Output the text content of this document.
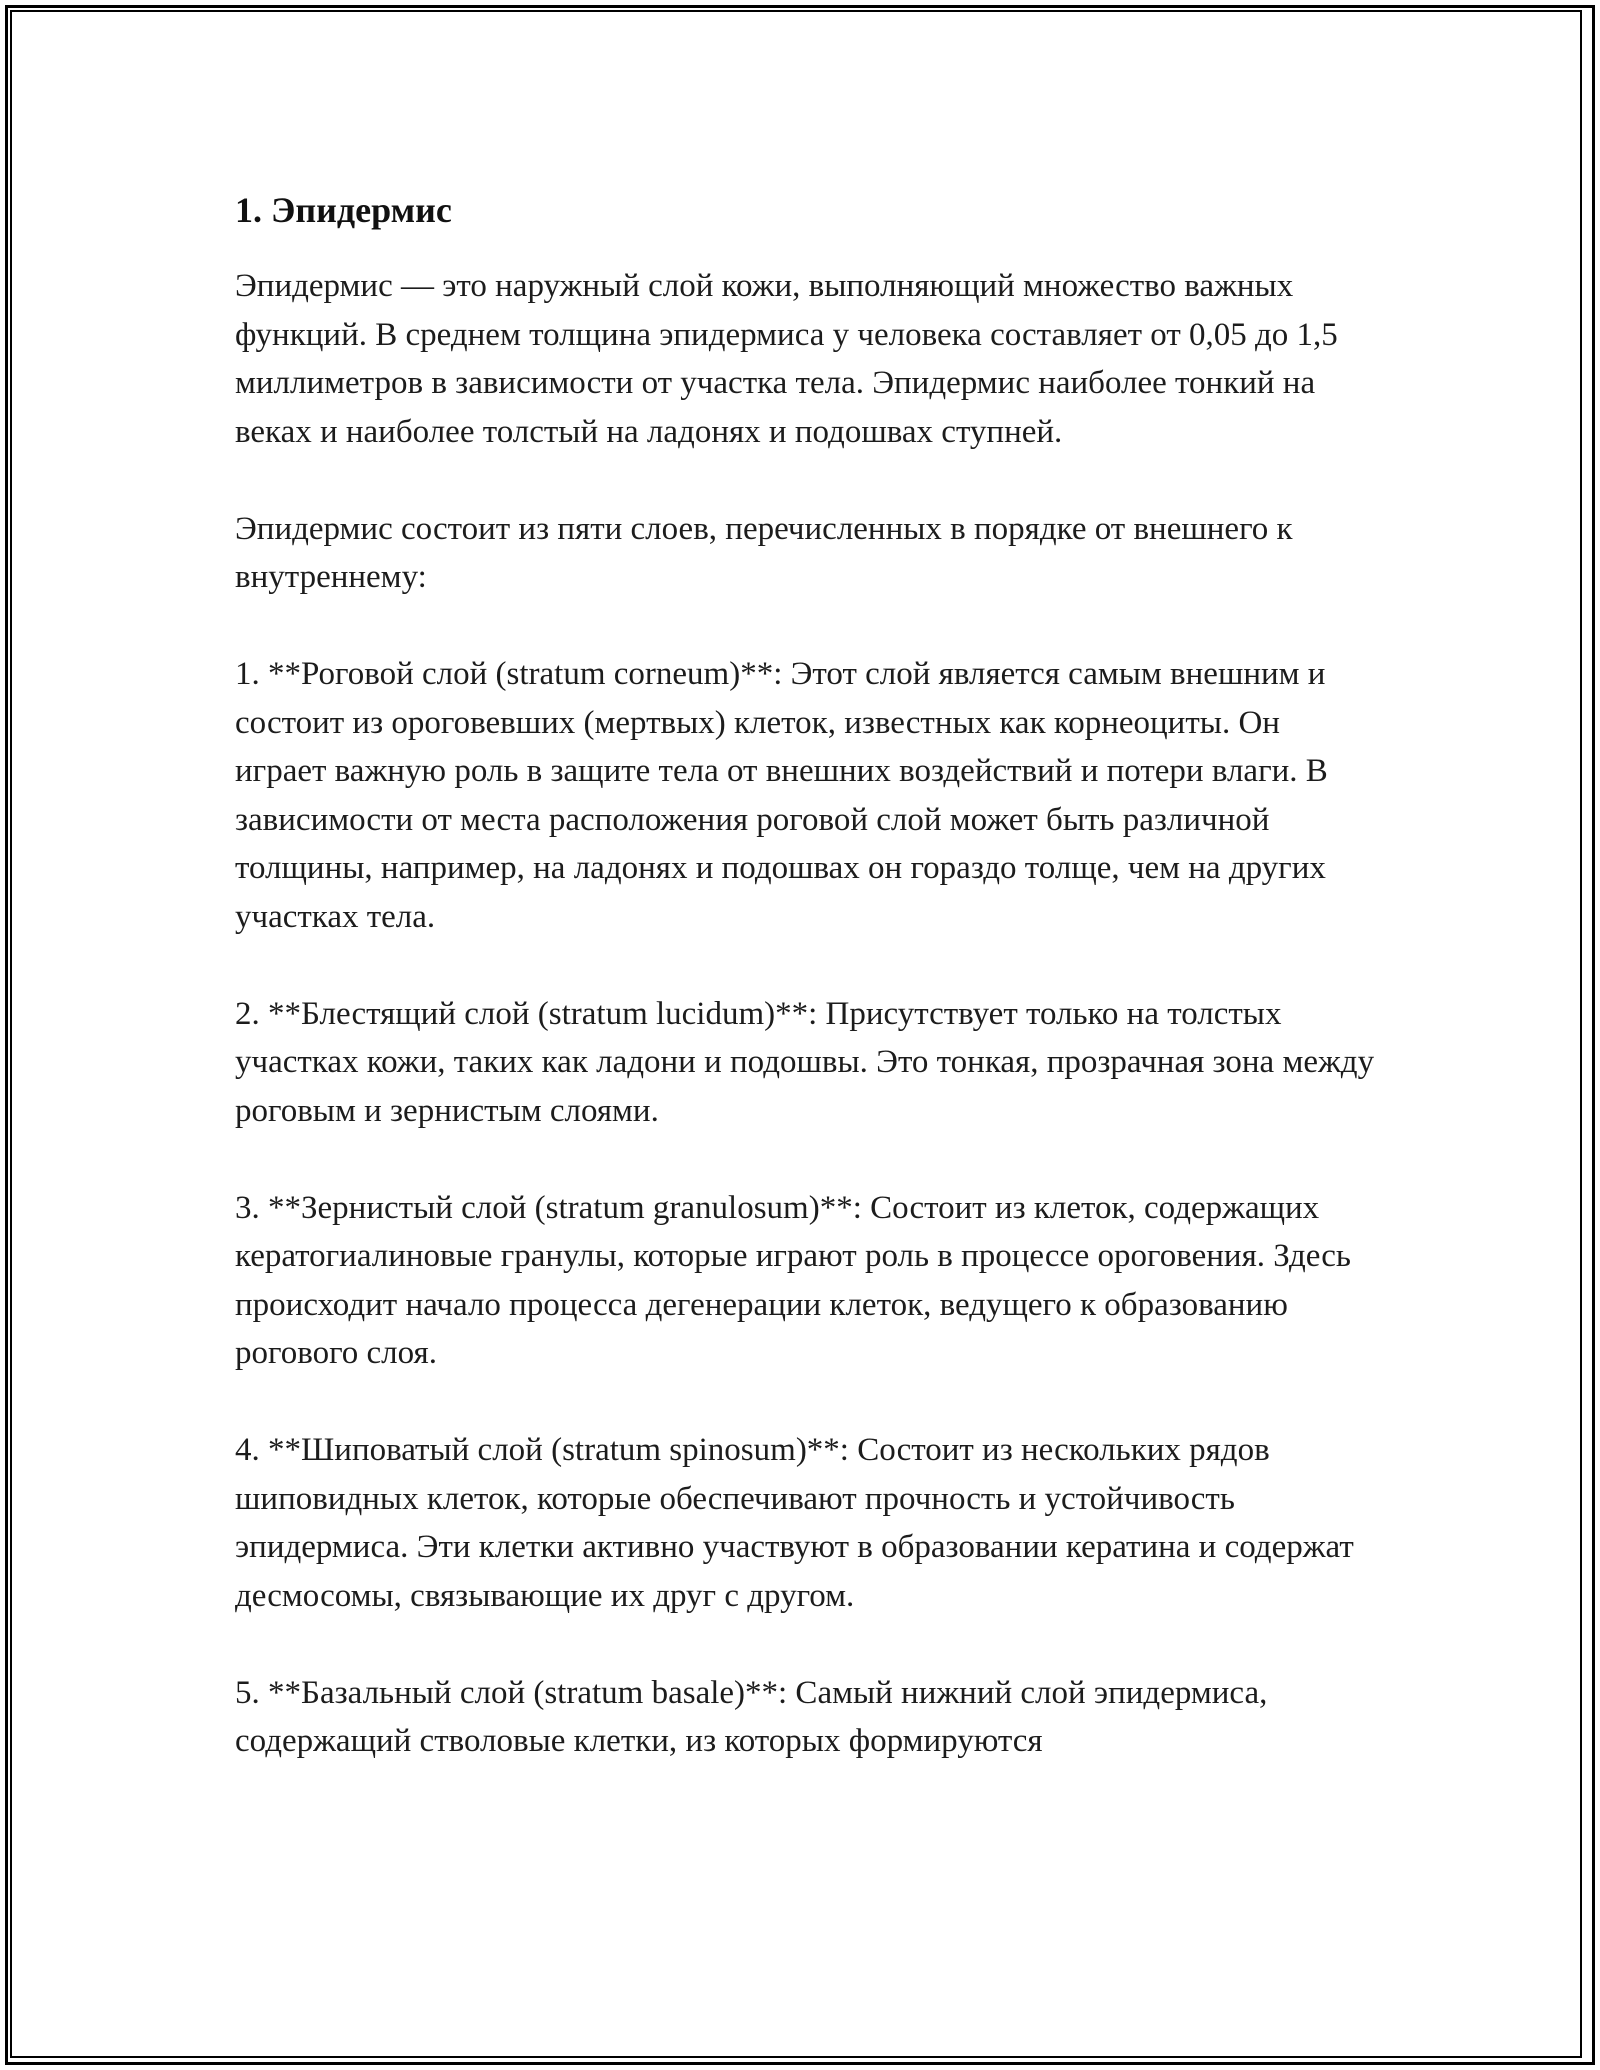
1. Эпидермис

Эпидермис — это наружный слой кожи, выполняющий множество важных функций. В среднем толщина эпидермиса у человека составляет от 0,05 до 1,5 миллиметров в зависимости от участка тела. Эпидермис наиболее тонкий на веках и наиболее толстый на ладонях и подошвах ступней.

Эпидермис состоит из пяти слоев, перечисленных в порядке от внешнего к внутреннему:

1. **Роговой слой (stratum corneum)**: Этот слой является самым внешним и состоит из ороговевших (мертвых) клеток, известных как корнеоциты. Он играет важную роль в защите тела от внешних воздействий и потери влаги. В зависимости от места расположения роговой слой может быть различной толщины, например, на ладонях и подошвах он гораздо толще, чем на других участках тела.

2. **Блестящий слой (stratum lucidum)**: Присутствует только на толстых участках кожи, таких как ладони и подошвы. Это тонкая, прозрачная зона между роговым и зернистым слоями.

3. **Зернистый слой (stratum granulosum)**: Состоит из клеток, содержащих кератогиалиновые гранулы, которые играют роль в процессе ороговения. Здесь происходит начало процесса дегенерации клеток, ведущего к образованию рогового слоя.

4. **Шиповатый слой (stratum spinosum)**: Состоит из нескольких рядов шиповидных клеток, которые обеспечивают прочность и устойчивость эпидермиса. Эти клетки активно участвуют в образовании кератина и содержат десмосомы, связывающие их друг с другом.

5. **Базальный слой (stratum basale)**: Самый нижний слой эпидермиса, содержащий стволовые клетки, из которых формируются
